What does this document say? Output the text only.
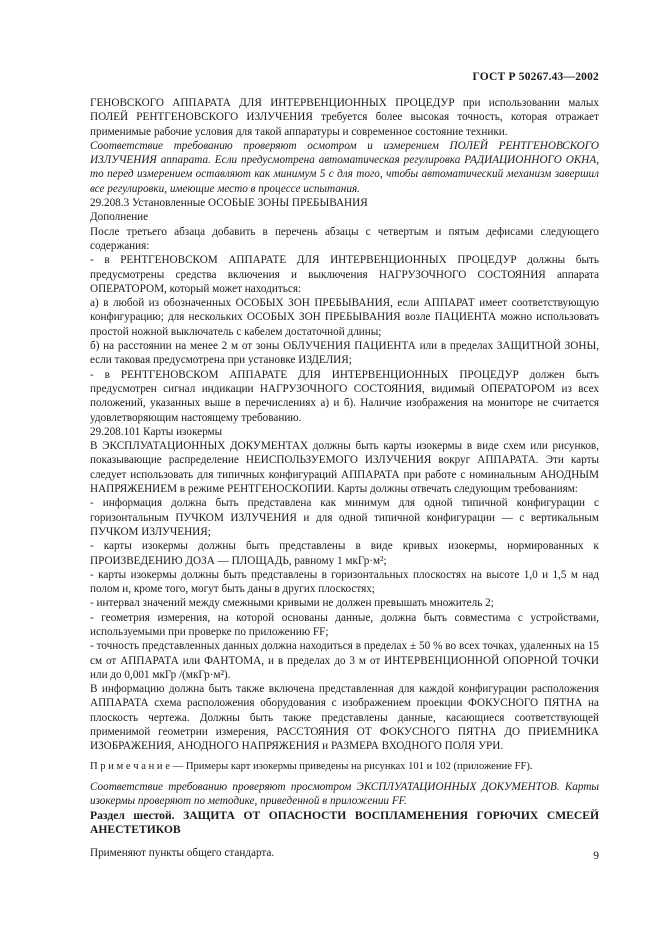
ГОСТ Р 50267.43—2002

ГЕНОВСКОГО АППАРАТА ДЛЯ ИНТЕРВЕНЦИОННЫХ ПРОЦЕДУР при использовании малых ПОЛЕЙ РЕНТГЕНОВСКОГО ИЗЛУЧЕНИЯ требуется более высокая точность, которая отражает применимые рабочие условия для такой аппаратуры и современное состояние техники.

Соответствие требованию проверяют осмотром и измерением ПОЛЕЙ РЕНТГЕНОВСКОГО ИЗЛУЧЕНИЯ аппарата. Если предусмотрена автоматическая регулировка РАДИАЦИОННОГО ОКНА, то перед измерением оставляют как минимум 5 с для того, чтобы автоматический механизм завершил все регулировки, имеющие место в процессе испытания.

29.208.3 Установленные ОСОБЫЕ ЗОНЫ ПРЕБЫВАНИЯ

Дополнение

После третьего абзаца добавить в перечень абзацы с четвертым и пятым дефисами следующего содержания:

- в РЕНТГЕНОВСКОМ АППАРАТЕ ДЛЯ ИНТЕРВЕНЦИОННЫХ ПРОЦЕДУР должны быть предусмотрены средства включения и выключения НАГРУЗОЧНОГО СОСТОЯНИЯ аппарата ОПЕРАТОРОМ, который может находиться:

а) в любой из обозначенных ОСОБЫХ ЗОН ПРЕБЫВАНИЯ, если АППАРАТ имеет соответствующую конфигурацию; для нескольких ОСОБЫХ ЗОН ПРЕБЫВАНИЯ возле ПАЦИЕНТА можно использовать простой ножной выключатель с кабелем достаточной длины;

б) на расстоянии на менее 2 м от зоны ОБЛУЧЕНИЯ ПАЦИЕНТА или в пределах ЗАЩИТНОЙ ЗОНЫ, если таковая предусмотрена при установке ИЗДЕЛИЯ;

- в РЕНТГЕНОВСКОМ АППАРАТЕ ДЛЯ ИНТЕРВЕНЦИОННЫХ ПРОЦЕДУР должен быть предусмотрен сигнал индикации НАГРУЗОЧНОГО СОСТОЯНИЯ, видимый ОПЕРАТОРОМ из всех положений, указанных выше в перечислениях а) и б). Наличие изображения на мониторе не считается удовлетворяющим настоящему требованию.

29.208.101 Карты изокермы

В ЭКСПЛУАТАЦИОННЫХ ДОКУМЕНТАХ должны быть карты изокермы в виде схем или рисунков, показывающие распределение НЕИСПОЛЬЗУЕМОГО ИЗЛУЧЕНИЯ вокруг АППАРАТА. Эти карты следует использовать для типичных конфигураций АППАРАТА при работе с номинальным АНОДНЫМ НАПРЯЖЕНИЕМ в режиме РЕНТГЕНОСКОПИИ. Карты должны отвечать следующим требованиям:

- информация должна быть представлена как минимум для одной типичной конфигурации с горизонтальным ПУЧКОМ ИЗЛУЧЕНИЯ и для одной типичной конфигурации — с вертикальным ПУЧКОМ ИЗЛУЧЕНИЯ;

- карты изокермы должны быть представлены в виде кривых изокермы, нормированных к ПРОИЗВЕДЕНИЮ ДОЗА — ПЛОЩАДЬ, равному 1 мкГр·м²;

- карты изокермы должны быть представлены в горизонтальных плоскостях на высоте 1,0 и 1,5 м над полом и, кроме того, могут быть даны в других плоскостях;

- интервал значений между смежными кривыми не должен превышать множитель 2;

- геометрия измерения, на которой основаны данные, должна быть совместима с устройствами, используемыми при проверке по приложению FF;

- точность представленных данных должна находиться в пределах ± 50 % во всех точках, удаленных на 15 см от АППАРАТА или ФАНТОМА, и в пределах до 3 м от ИНТЕРВЕНЦИОННОЙ ОПОРНОЙ ТОЧКИ или до 0,001 мкГр /(мкГр·м²).

В информацию должна быть также включена представленная для каждой конфигурации расположения АППАРАТА схема расположения оборудования с изображением проекции ФОКУСНОГО ПЯТНА на плоскость чертежа. Должны быть также представлены данные, касающиеся соответствующей применимой геометрии измерения, РАССТОЯНИЯ ОТ ФОКУСНОГО ПЯТНА ДО ПРИЕМНИКА ИЗОБРАЖЕНИЯ, АНОДНОГО НАПРЯЖЕНИЯ и РАЗМЕРА ВХОДНОГО ПОЛЯ УРИ.

П р и м е ч а н и е — Примеры карт изокермы приведены на рисунках 101 и 102 (приложение FF).

Соответствие требованию проверяют просмотром ЭКСПЛУАТАЦИОННЫХ ДОКУМЕНТОВ. Карты изокермы проверяют по методике, приведенной в приложении FF.

Раздел шестой. ЗАЩИТА ОТ ОПАСНОСТИ ВОСПЛАМЕНЕНИЯ ГОРЮЧИХ СМЕСЕЙ АНЕСТЕТИКОВ

Применяют пункты общего стандарта.	9
